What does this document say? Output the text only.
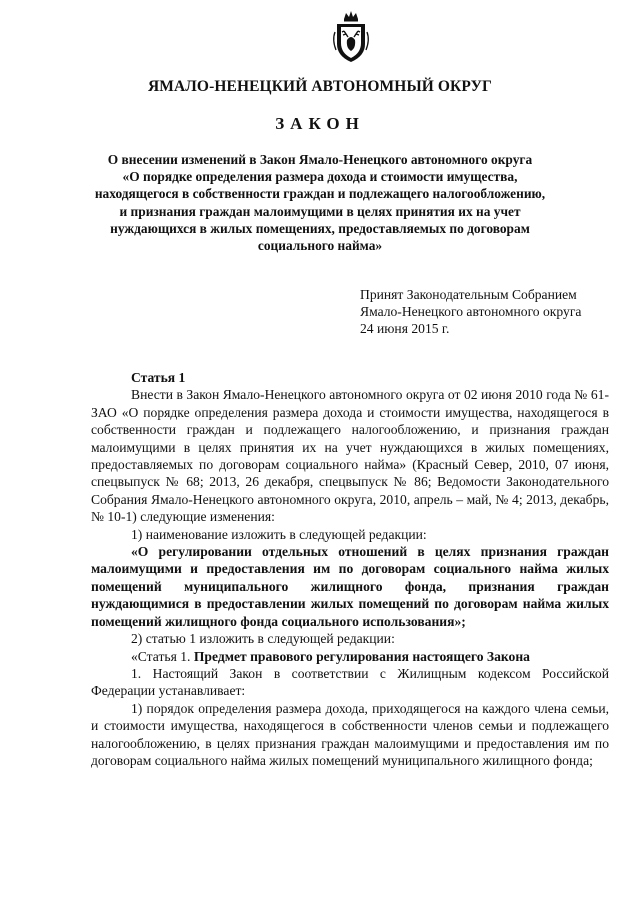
ЯМАЛО-НЕНЕЦКИЙ АВТОНОМНЫЙ ОКРУГ
ЗАКОН
О внесении изменений в Закон Ямало-Ненецкого автономного округа
«О порядке определения размера дохода и стоимости имущества,
находящегося в собственности граждан и подлежащего налогообложению,
и признания граждан малоимущими в целях принятия их на учет
нуждающихся в жилых помещениях, предоставляемых по договорам
социального найма»
Принят Законодательным Собранием
Ямало-Ненецкого автономного округа
24 июня 2015 г.

Статья 1

Внести в Закон Ямало-Ненецкого автономного округа от 02 июня 2010 года № 61-ЗАО «О порядке определения размера дохода и стоимости имущества, находящегося в собственности граждан и подлежащего налогообложению, и признания граждан малоимущими в целях принятия их на учет нуждающихся в жилых помещениях, предоставляемых по договорам социального найма» (Красный Север, 2010, 07 июня, спецвыпуск № 68; 2013, 26 декабря, спецвыпуск № 86; Ведомости Законодательного Собрания Ямало-Ненецкого автономного округа, 2010, апрель – май, № 4; 2013, декабрь, № 10-1) следующие изменения:

1) наименование изложить в следующей редакции:

«О регулировании отдельных отношений в целях признания граждан малоимущими и предоставления им по договорам социального найма жилых помещений муниципального жилищного фонда, признания граждан нуждающимися в предоставлении жилых помещений по договорам найма жилых помещений жилищного фонда социального использования»;

2) статью 1 изложить в следующей редакции:

«Статья 1. Предмет правового регулирования настоящего Закона

1. Настоящий Закон в соответствии с Жилищным кодексом Российской Федерации устанавливает:

1) порядок определения размера дохода, приходящегося на каждого члена семьи, и стоимости имущества, находящегося в собственности членов семьи и подлежащего налогообложению, в целях признания граждан малоимущими и предоставления им по договорам социального найма жилых помещений муниципального жилищного фонда;
